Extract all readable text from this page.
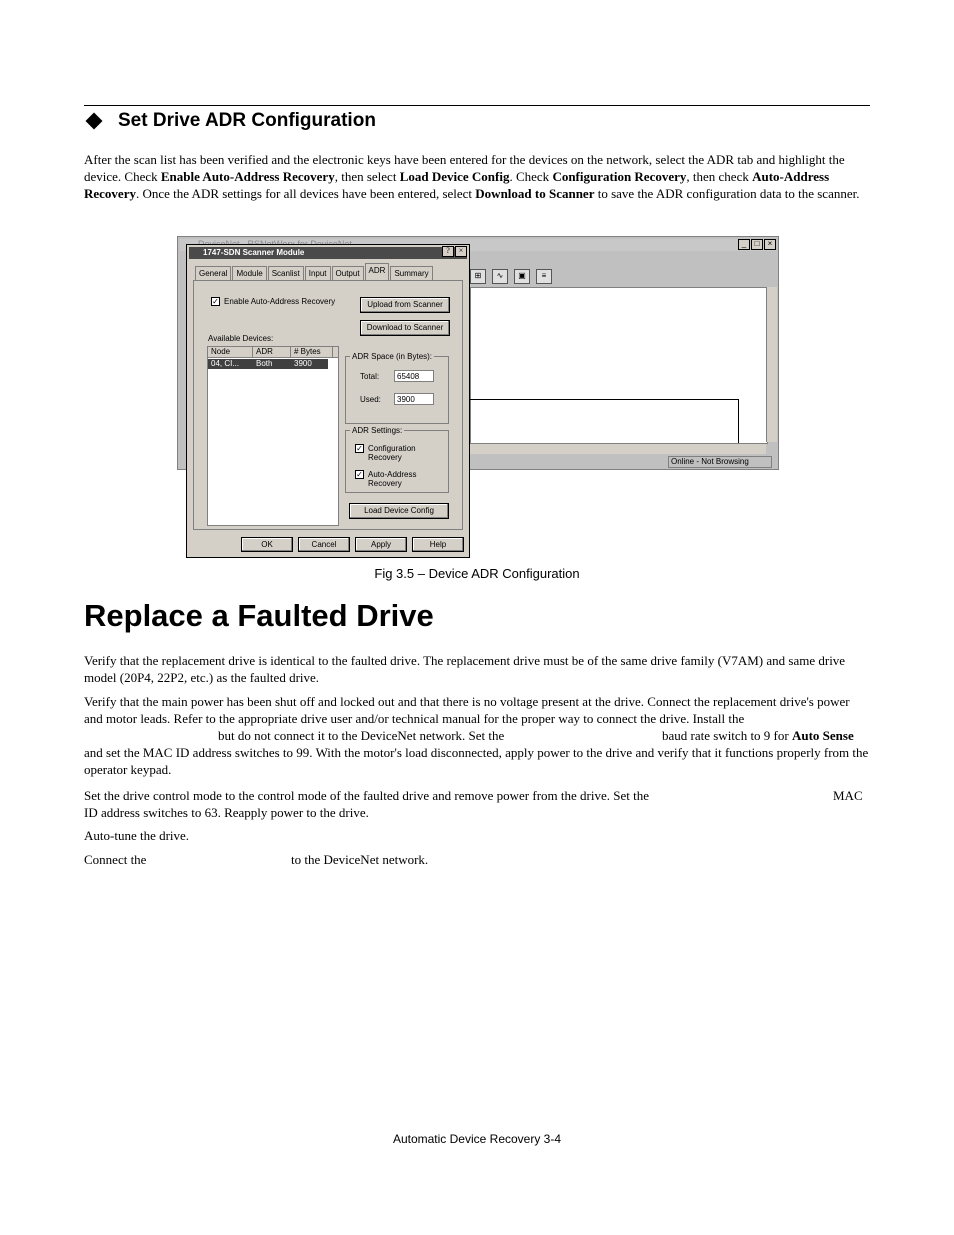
Set Drive ADR Configuration

After the scan list has been verified and the electronic keys have been entered for the devices on the network, select the ADR tab and highlight the device. Check Enable Auto-Address Recovery, then select Load Device Config. Check Configuration Recovery, then check Auto-Address Recovery. Once the ADR settings for all devices have been entered, select Download to Scanner to save the ADR configuration data to the scanner.

_	□	×
⊞	∿	▣	≡
Online - Not Browsing
1747-SDN Scanner Module	?	×
General	Module	Scanlist	Input	Output	ADR	Summary
✓ Enable Auto-Address Recovery	Upload from Scanner
Download to Scanner
Available Devices:
Node	ADR	# Bytes
04, CI...	Both	3900
ADR Space (in Bytes):
Total:	65408
Used:	3900
ADR Settings:
✓ Configuration
Recovery
✓ Auto-Address
Recovery
Load Device Config
OK	Cancel	Apply	Help
Fig 3.5 – Device ADR Configuration
Replace a Faulted Drive

Verify that the replacement drive is identical to the faulted drive. The replacement drive must be of the same drive family (V7AM) and same drive model (20P4, 22P2, etc.) as the faulted drive.

Verify that the main power has been shut off and locked out and that there is no voltage present at the drive. Connect the replacement drive's power and motor leads. Refer to the appropriate drive user and/or technical manual for the proper way to connect the drive. Install the
but do not connect it to the DeviceNet network. Set the	baud rate switch to 9 for Auto Sense
and set the MAC ID address switches to 99. With the motor's load disconnected, apply power to the drive and verify that it functions properly from the operator keypad.
Set the drive control mode to the control mode of the faulted drive and remove power from the drive. Set the	MAC
ID address switches to 63. Reapply power to the drive.

Auto-tune the drive.

Connect the	to the DeviceNet network.
Automatic Device Recovery 3-4
